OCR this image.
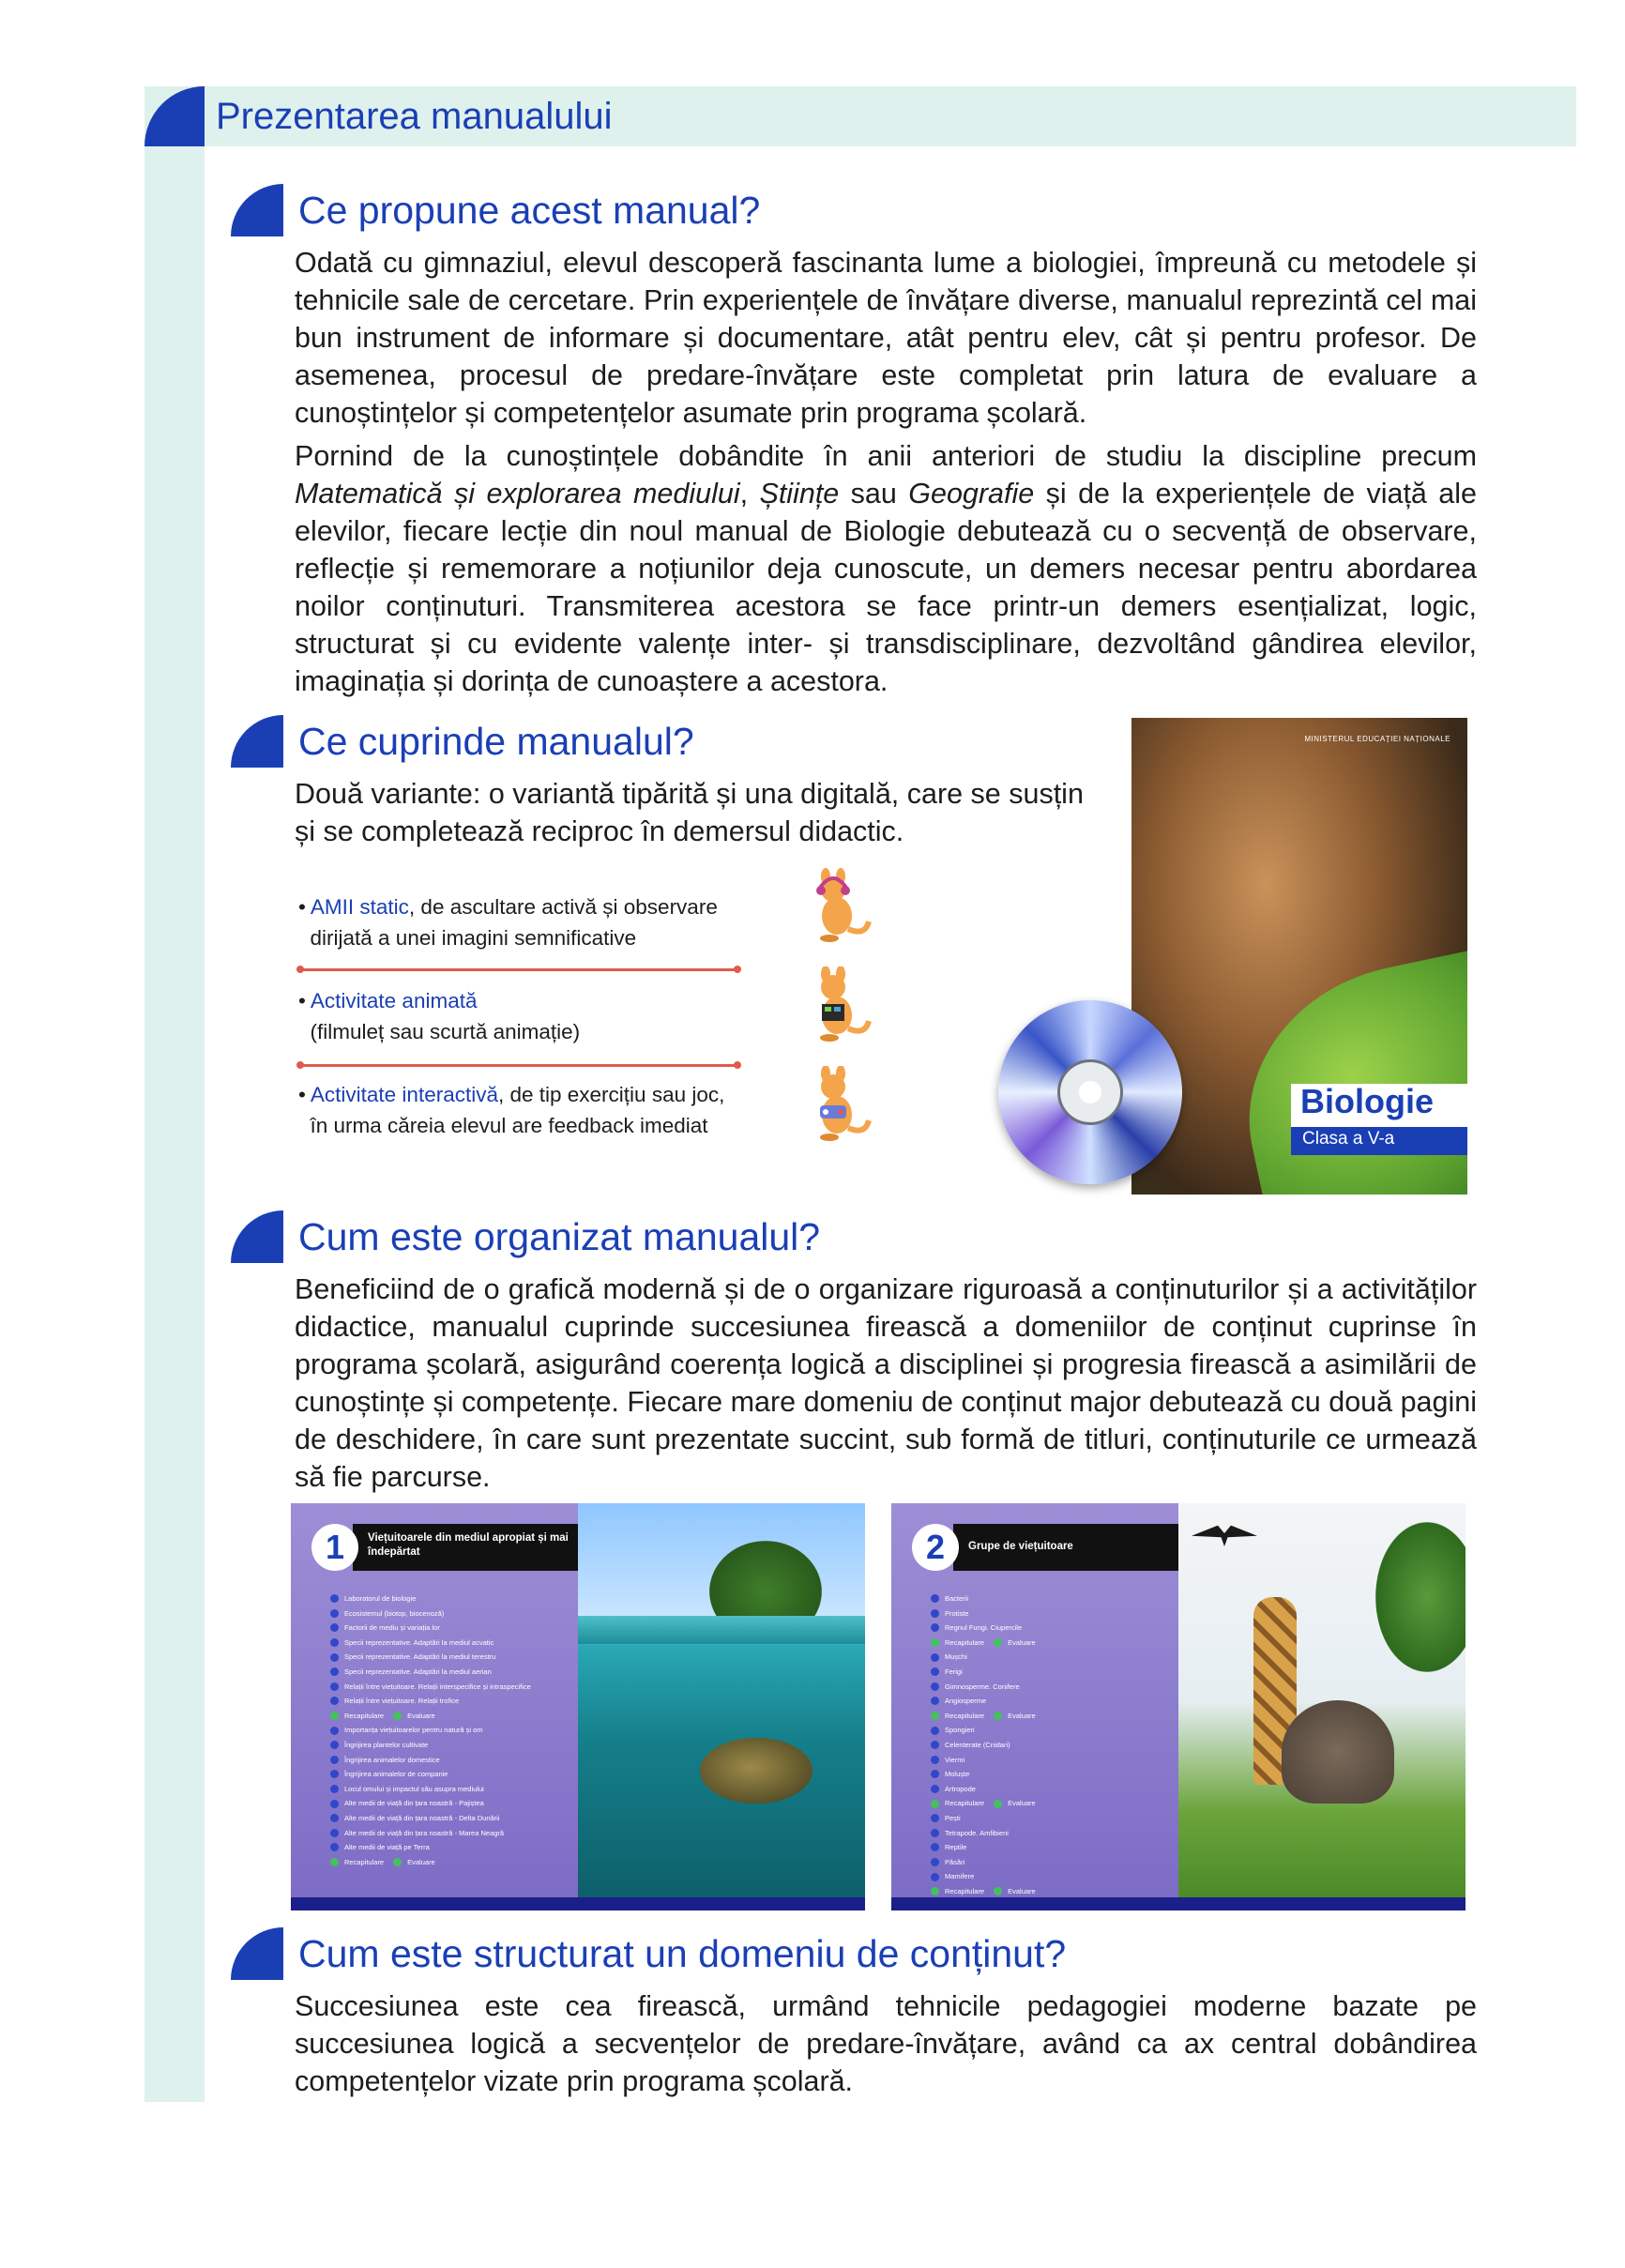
Prezentarea manualului
Ce propune acest manual?

Odată cu gimnaziul, elevul descoperă fascinanta lume a biologiei, împreună cu metodele și tehnicile sale de cercetare. Prin experiențele de învățare diverse, manualul reprezintă cel mai bun instrument de informare și documentare, atât pentru elev, cât și pentru profesor. De asemenea, procesul de predare-învățare este completat prin latura de evaluare a cunoștințelor și competențelor asumate prin programa școlară.

Pornind de la cunoștințele dobândite în anii anteriori de studiu la discipline precum Matematică și explorarea mediului, Științe sau Geografie și de la experiențele de viață ale elevilor, fiecare lecție din noul manual de Biologie debutează cu o secvență de observare, reflecție și rememorare a noțiunilor deja cunoscute, un demers necesar pentru abordarea noilor conținuturi. Transmiterea acestora se face printr-un demers esențializat, logic, structurat și cu evidente valențe inter- și transdisciplinare, dezvoltând gândirea elevilor, imaginația și dorința de cunoaștere a acestora.

Ce cuprinde manualul?

Două variante: o variantă tipărită și una digitală, care se susțin și se completează reciproc în demersul didactic.

• AMII static, de ascultare activă și observare
dirijată a unei imagini semnificative
• Activitate animată
(filmuleț sau scurtă animație)
• Activitate interactivă, de tip exercițiu sau joc,
în urma căreia elevul are feedback imediat
MINISTERUL EDUCAȚIEI NAȚIONALE
Biologie
Clasa a V-a
Cum este organizat manualul?

Beneficiind de o grafică modernă și de o organizare riguroasă a conținuturilor și a activităților didactice, manualul cuprinde succesiunea firească a domeniilor de conținut cuprinse în programa școlară, asigurând coerența logică a disciplinei și progresia firească a asimilării de cunoștințe și competențe. Fiecare mare domeniu de conținut major debutează cu două pagini de deschidere, în care sunt prezentate succint, sub formă de titluri, conținuturile ce urmează să fie parcurse.

Viețuitoarele din mediul apropiat și mai îndepărtat
1
Laboratorul de biologie
Ecosistemul (biotop, biocenoză)
Factorii de mediu și variația lor
Specii reprezentative. Adaptări la mediul acvatic
Specii reprezentative. Adaptări la mediul terestru
Specii reprezentative. Adaptări la mediul aerian
Relații între viețuitoare. Relații interspecifice și intraspecifice
Relații între viețuitoare. Relații trofice
Recapitulare	Evaluare
Importanța viețuitoarelor pentru natură și om
Îngrijirea plantelor cultivate
Îngrijirea animalelor domestice
Îngrijirea animalelor de companie
Locul omului și impactul său asupra mediului
Alte medii de viață din țara noastră - Pajiștea
Alte medii de viață din țara noastră - Delta Dunării
Alte medii de viață din țara noastră - Marea Neagră
Alte medii de viață pe Terra
Recapitulare	Evaluare
Grupe de viețuitoare
2
Bacterii
Protiste
Regnul Fungi. Ciupercile
Recapitulare	Evaluare
Mușchi
Ferigi
Gimnosperme. Conifere
Angiosperme
Recapitulare	Evaluare
Spongieri
Celenterate (Cnidari)
Viermi
Moluște
Artropode
Recapitulare	Evaluare
Pești
Tetrapode. Amfibieni
Reptile
Păsări
Mamifere
Recapitulare	Evaluare
Cum este structurat un domeniu de conținut?

Succesiunea este cea firească, urmând tehnicile pedagogiei moderne bazate pe succesiunea logică a secvențelor de predare-învățare, având ca ax central dobândirea competențelor vizate prin programa școlară.
